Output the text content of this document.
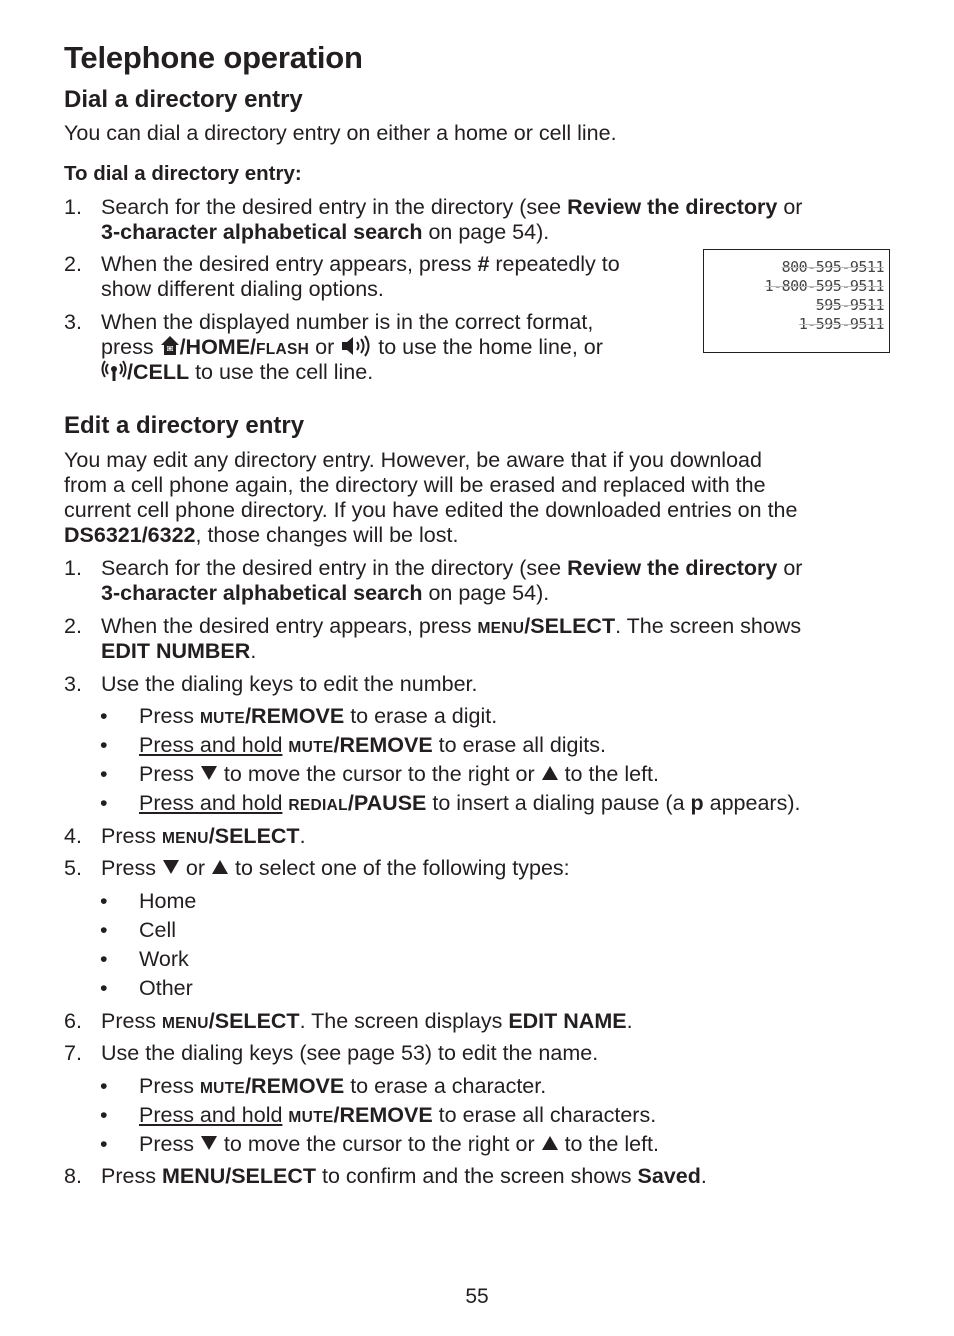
Telephone operation
Dial a directory entry
You can dial a directory entry on either a home or cell line.
To dial a directory entry:
1. Search for the desired entry in the directory (see Review the directory or
3-character alphabetical search on page 54).
2. When the desired entry appears, press # repeatedly to
show different dialing options.
3. When the displayed number is in the correct format,
press /HOME/FLASH or  to use the home line, or
/CELL to use the cell line.
800-595-9511
1-800-595-9511
595-9511
1-595-9511
Edit a directory entry
You may edit any directory entry. However, be aware that if you download
from a cell phone again, the directory will be erased and replaced with the
current cell phone directory. If you have edited the downloaded entries on the
DS6321/6322, those changes will be lost.
1. Search for the desired entry in the directory (see Review the directory or
3-character alphabetical search on page 54).
2. When the desired entry appears, press MENU/SELECT. The screen shows
EDIT NUMBER.
3. Use the dialing keys to edit the number.
• Press MUTE/REMOVE to erase a digit.
• Press and hold MUTE/REMOVE to erase all digits.
• Press  to move the cursor to the right or  to the left.
• Press and hold REDIAL/PAUSE to insert a dialing pause (a p appears).
4. Press MENU/SELECT.
5. Press  or  to select one of the following types:
• Home
• Cell
• Work
• Other
6. Press MENU/SELECT. The screen displays EDIT NAME.
7. Use the dialing keys (see page 53) to edit the name.
• Press MUTE/REMOVE to erase a character.
• Press and hold MUTE/REMOVE to erase all characters.
• Press  to move the cursor to the right or  to the left.
8. Press MENU/SELECT to confirm and the screen shows Saved.
55
